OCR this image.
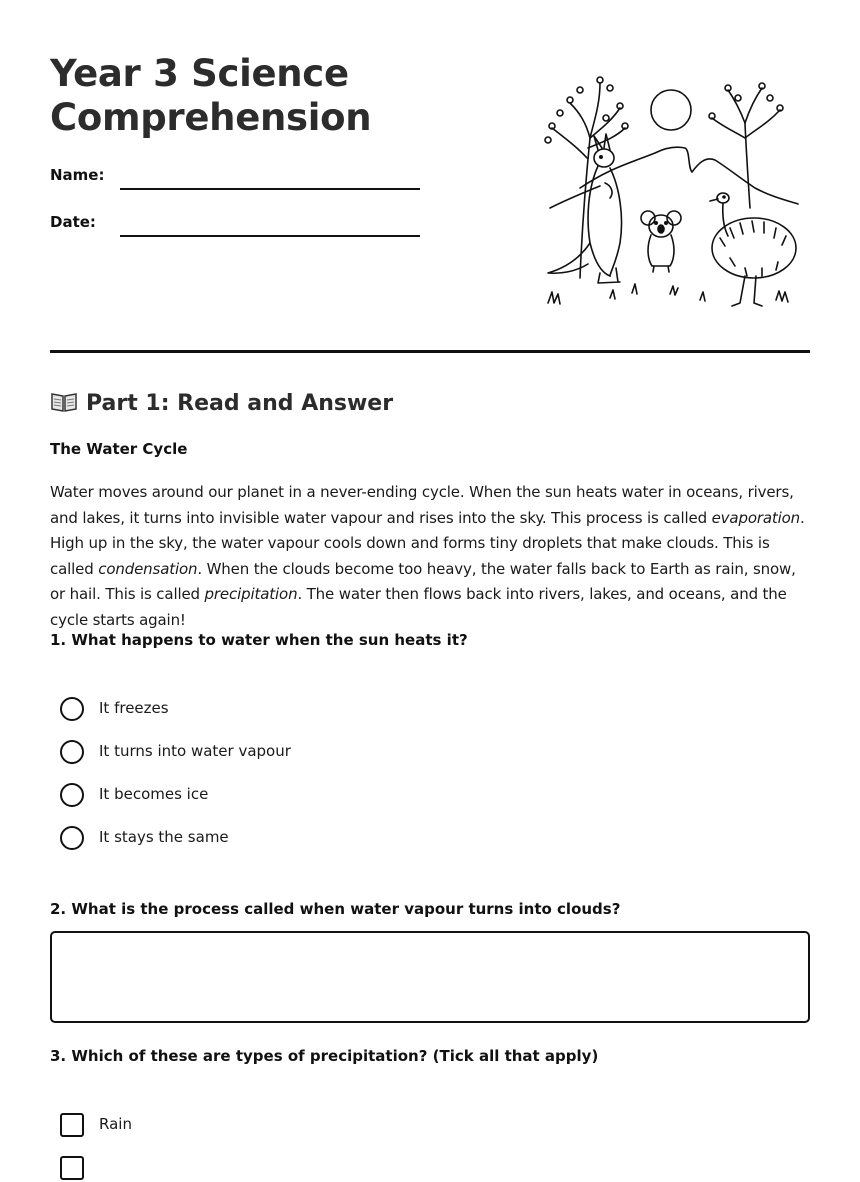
Year 3 Science Comprehension
Name:
Date:
Part 1: Read and Answer
The Water Cycle

Water moves around our planet in a never-ending cycle. When the sun heats water in oceans, rivers, and lakes, it turns into invisible water vapour and rises into the sky. This process is called evaporation. High up in the sky, the water vapour cools down and forms tiny droplets that make clouds. This is called condensation. When the clouds become too heavy, the water falls back to Earth as rain, snow, or hail. This is called precipitation. The water then flows back into rivers, lakes, and oceans, and the cycle starts again!

1. What happens to water when the sun heats it?
It freezes
It turns into water vapour
It becomes ice
It stays the same
2. What is the process called when water vapour turns into clouds?
3. Which of these are types of precipitation? (Tick all that apply)
Rain
